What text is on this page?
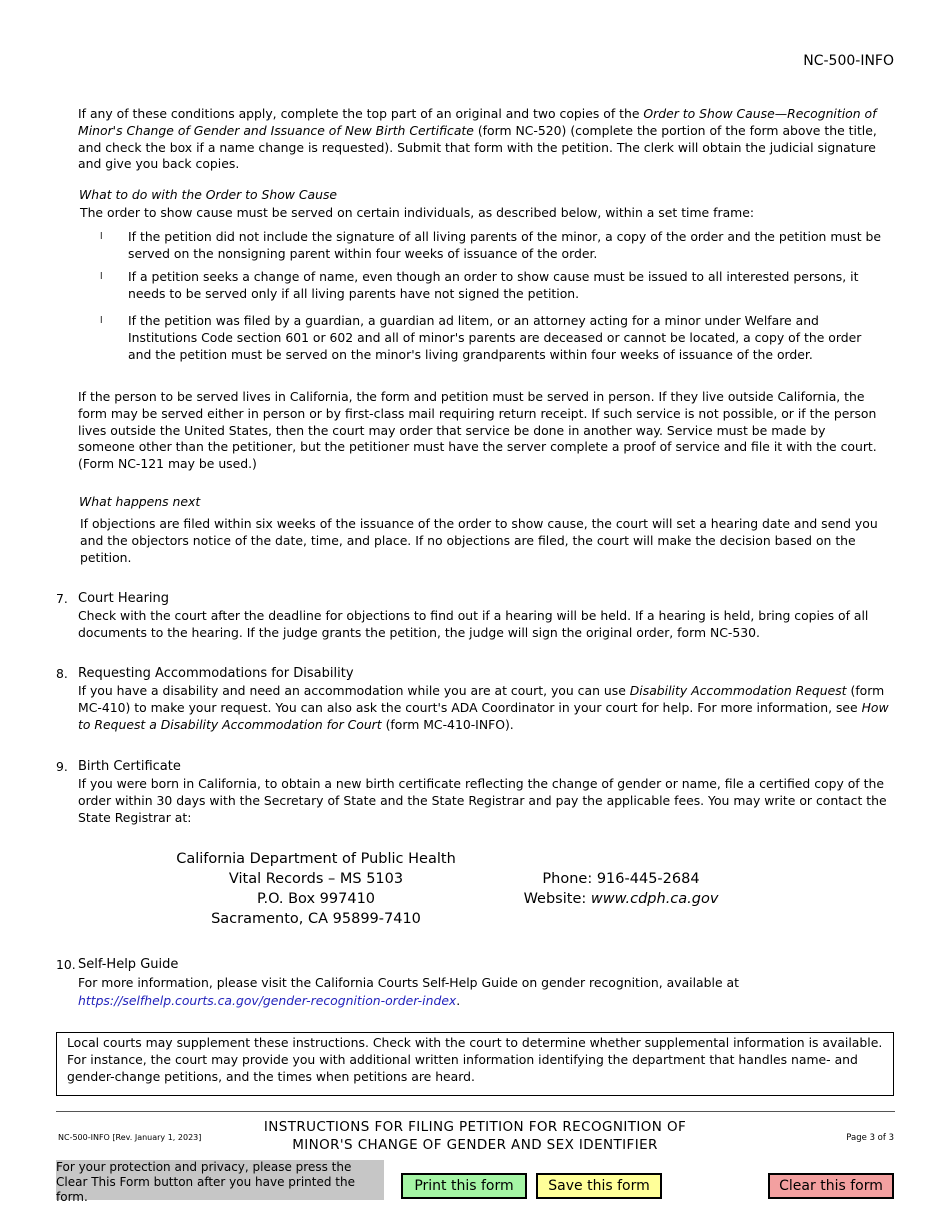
NC-500-INFO

If any of these conditions apply, complete the top part of an original and two copies of the Order to Show Cause—Recognition of Minor's Change of Gender and Issuance of New Birth Certificate (form NC-520) (complete the portion of the form above the title, and check the box if a name change is requested). Submit that form with the petition. The clerk will obtain the judicial signature and give you back copies.

What to do with the Order to Show Cause

The order to show cause must be served on certain individuals, as described below, within a set time frame:

l If the petition did not include the signature of all living parents of the minor, a copy of the order and the petition must be served on the nonsigning parent within four weeks of issuance of the order.

l If a petition seeks a change of name, even though an order to show cause must be issued to all interested persons, it needs to be served only if all living parents have not signed the petition.

l If the petition was filed by a guardian, a guardian ad litem, or an attorney acting for a minor under Welfare and Institutions Code section 601 or 602 and all of minor's parents are deceased or cannot be located, a copy of the order and the petition must be served on the minor's living grandparents within four weeks of issuance of the order.

If the person to be served lives in California, the form and petition must be served in person. If they live outside California, the form may be served either in person or by first-class mail requiring return receipt. If such service is not possible, or if the person lives outside the United States, then the court may order that service be done in another way. Service must be made by someone other than the petitioner, but the petitioner must have the server complete a proof of service and file it with the court. (Form NC-121 may be used.)

What happens next

If objections are filed within six weeks of the issuance of the order to show cause, the court will set a hearing date and send you and the objectors notice of the date, time, and place. If no objections are filed, the court will make the decision based on the petition.

7. Court Hearing

Check with the court after the deadline for objections to find out if a hearing will be held. If a hearing is held, bring copies of all documents to the hearing. If the judge grants the petition, the judge will sign the original order, form NC-530.

8. Requesting Accommodations for Disability

If you have a disability and need an accommodation while you are at court, you can use Disability Accommodation Request (form MC-410) to make your request. You can also ask the court's ADA Coordinator in your court for help. For more information, see How to Request a Disability Accommodation for Court (form MC-410-INFO).

9. Birth Certificate

If you were born in California, to obtain a new birth certificate reflecting the change of gender or name, file a certified copy of the order within 30 days with the Secretary of State and the State Registrar and pay the applicable fees. You may write or contact the State Registrar at:

California Department of Public Health
Vital Records – MS 5103
P.O. Box 997410
Sacramento, CA 95899-7410
Phone: 916-445-2684
Website: www.cdph.ca.gov
10. Self-Help Guide

For more information, please visit the California Courts Self-Help Guide on gender recognition, available at

https://selfhelp.courts.ca.gov/gender-recognition-order-index.

Local courts may supplement these instructions. Check with the court to determine whether supplemental information is available. For instance, the court may provide you with additional written information identifying the department that handles name- and gender-change petitions, and the times when petitions are heard.

NC-500-INFO [Rev. January 1, 2023]
INSTRUCTIONS FOR FILING PETITION FOR RECOGNITION OF
MINOR'S CHANGE OF GENDER AND SEX IDENTIFIER	Page 3 of 3
For your protection and privacy, please press the Clear This Form button after you have printed the form.
Print this form	Save this form	Clear this form
